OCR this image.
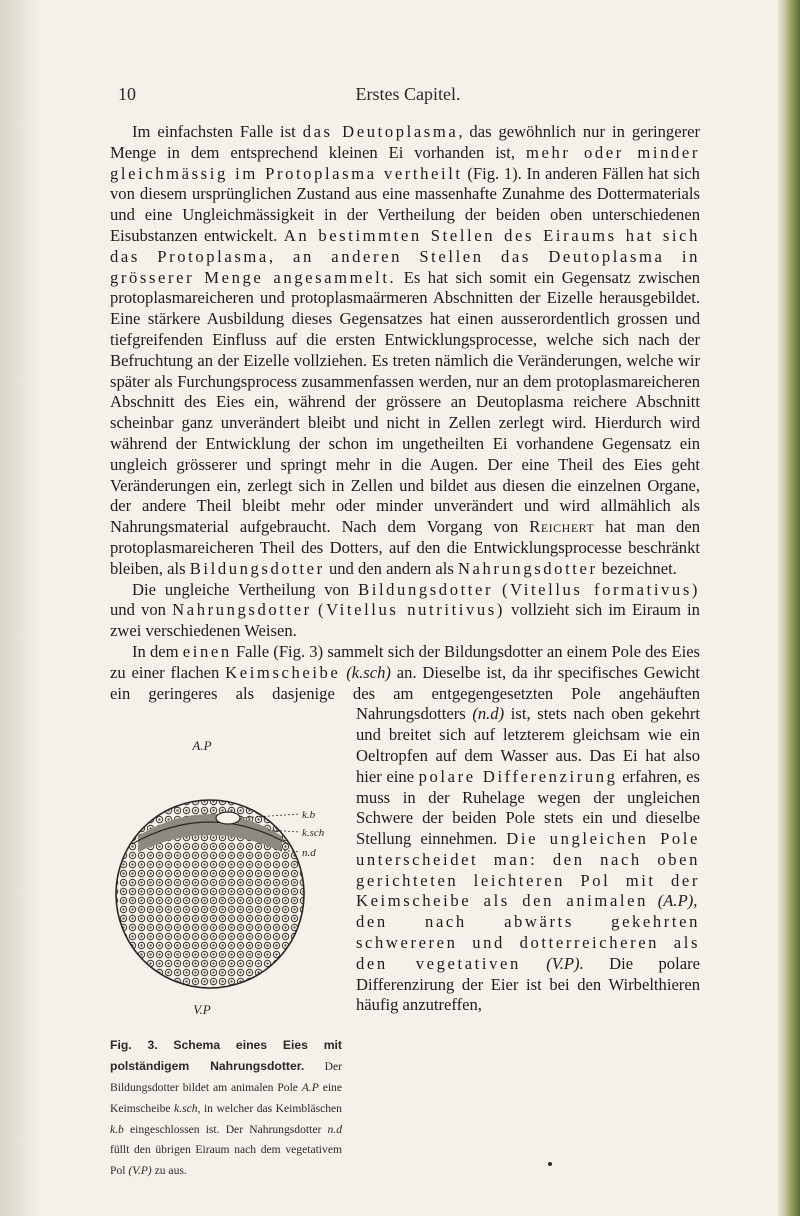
10	Erstes Capitel.

Im einfachsten Falle ist das Deutoplasma, das gewöhnlich nur in geringerer Menge in dem entsprechend kleinen Ei vorhanden ist, mehr oder minder gleichmässig im Protoplasma vertheilt (Fig. 1). In anderen Fällen hat sich von diesem ursprünglichen Zustand aus eine massenhafte Zunahme des Dottermaterials und eine Ungleichmässigkeit in der Vertheilung der beiden oben unterschiedenen Eisubstanzen entwickelt. An bestimmten Stellen des Eiraums hat sich das Protoplasma, an anderen Stellen das Deutoplasma in grösserer Menge angesammelt. Es hat sich somit ein Gegensatz zwischen protoplasmareicheren und protoplasmaärmeren Abschnitten der Eizelle herausgebildet. Eine stärkere Ausbildung dieses Gegensatzes hat einen ausserordentlich grossen und tiefgreifenden Einfluss auf die ersten Entwicklungsprocesse, welche sich nach der Befruchtung an der Eizelle vollziehen. Es treten nämlich die Veränderungen, welche wir später als Furchungsprocess zusammenfassen werden, nur an dem protoplasmareicheren Abschnitt des Eies ein, während der grössere an Deutoplasma reichere Abschnitt scheinbar ganz unverändert bleibt und nicht in Zellen zerlegt wird. Hierdurch wird während der Entwicklung der schon im ungetheilten Ei vorhandene Gegensatz ein ungleich grösserer und springt mehr in die Augen. Der eine Theil des Eies geht Veränderungen ein, zerlegt sich in Zellen und bildet aus diesen die einzelnen Organe, der andere Theil bleibt mehr oder minder unverändert und wird allmählich als Nahrungsmaterial aufgebraucht. Nach dem Vorgang von Reichert hat man den protoplasmareicheren Theil des Dotters, auf den die Entwicklungsprocesse beschränkt bleiben, als Bildungsdotter und den andern als Nahrungsdotter bezeichnet.

Die ungleiche Vertheilung von Bildungsdotter (Vitellus formativus) und von Nahrungsdotter (Vitellus nutritivus) vollzieht sich im Eiraum in zwei verschiedenen Weisen.

In dem einen Falle (Fig. 3) sammelt sich der Bildungsdotter an einem Pole des Eies zu einer flachen Keimscheibe (k.sch) an. Dieselbe ist, da ihr specifisches Gewicht ein geringeres als dasjenige des am entgegengesetzten Pole angehäuften Nahrungsdotters
A.P
k.b
k.sch
n.d
V.P
Fig. 3. Schema eines Eies mit polständigem Nahrungsdotter. Der Bildungsdotter bildet am animalen Pole A.P eine Keimscheibe k.sch, in welcher das Keimbläschen k.b eingeschlossen ist. Der Nahrungsdotter n.d füllt den übrigen Eiraum nach dem vegetativem Pol (V.P) zu aus.
(n.d) ist, stets nach oben gekehrt und breitet sich auf letzterem gleichsam wie ein Oeltropfen auf dem Wasser aus. Das Ei hat also hier eine polare Differenzirung erfahren, es muss in der Ruhelage wegen der ungleichen Schwere der beiden Pole stets ein und dieselbe Stellung einnehmen. Die ungleichen Pole unterscheidet man: den nach oben gerichteten leichteren Pol mit der Keimscheibe als den animalen (A.P), den nach abwärts gekehrten schwereren und dotterreicheren als den vegetativen (V.P). Die polare Differenzirung der Eier ist bei den Wirbelthieren häufig anzutreffen,
